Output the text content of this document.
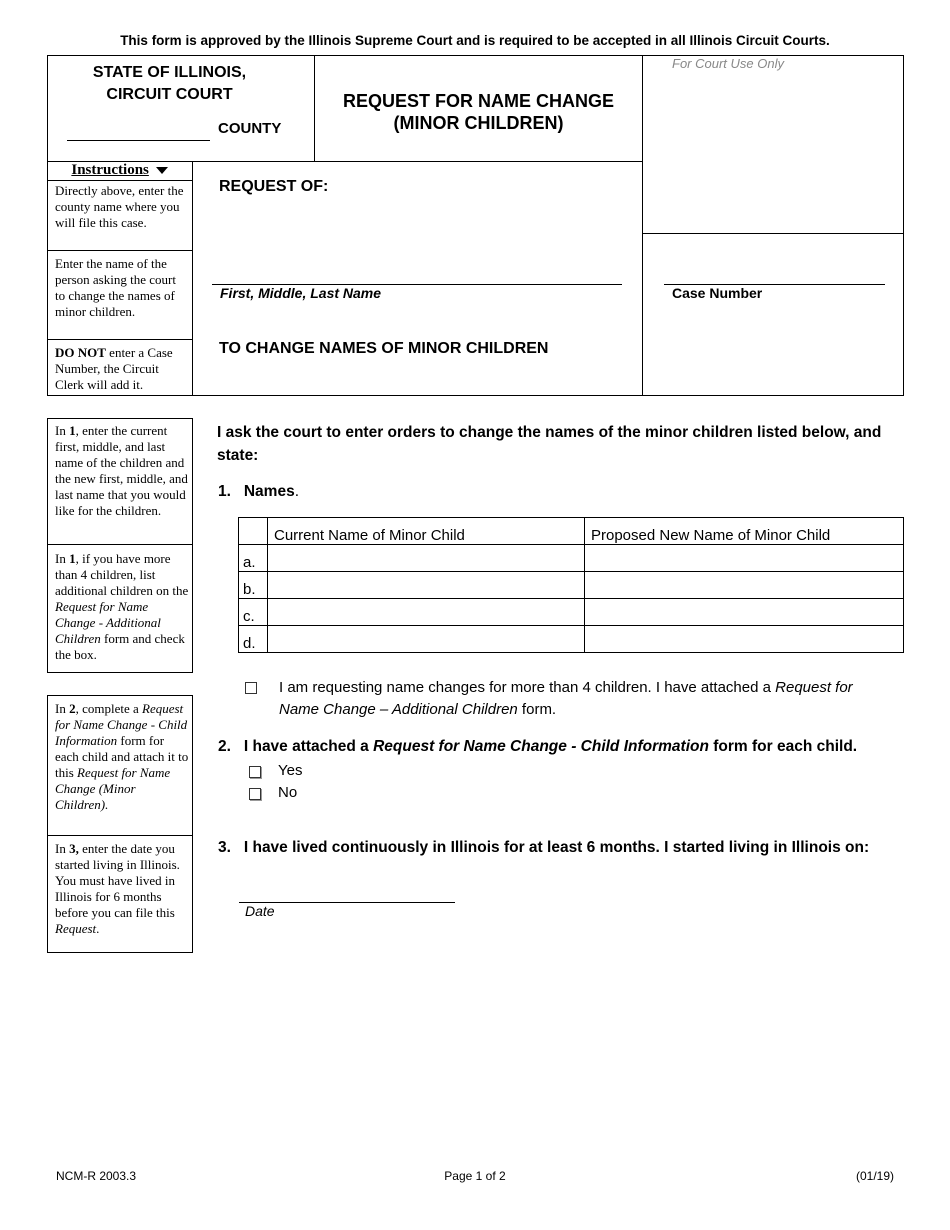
This form is approved by the Illinois Supreme Court and is required to be accepted in all Illinois Circuit Courts.
STATE OF ILLINOIS,
CIRCUIT COURT
COUNTY
REQUEST FOR NAME CHANGE
(MINOR CHILDREN)
For Court Use Only
Instructions
Directly above, enter the county name where you will file this case.
Enter the name of the person asking the court to change the names of minor children.
DO NOT enter a Case Number, the Circuit Clerk will add it.
REQUEST OF:
First, Middle, Last Name	Case Number
TO CHANGE NAMES OF MINOR CHILDREN
In 1, enter the current first, middle, and last name of the children and the new first, middle, and last name that you would like for the children.
In 1, if you have more than 4 children, list additional children on the Request for Name Change - Additional Children form and check the box.
In 2, complete a Request for Name Change - Child Information form for each child and attach it to this Request for Name Change (Minor Children).
In 3, enter the date you started living in Illinois. You must have lived in Illinois for 6 months before you can file this Request.
I ask the court to enter orders to change the names of the minor children listed below, and state:
1. Names.
	Current Name of Minor Child	Proposed New Name of Minor Child
a.		
b.		
c.		
d.		
I am requesting name changes for more than 4 children. I have attached a Request for Name Change – Additional Children form.
2. I have attached a Request for Name Change - Child Information form for each child.
Yes
No
3. I have lived continuously in Illinois for at least 6 months. I started living in Illinois on:
Date
NCM-R 2003.3	Page 1 of 2	(01/19)
